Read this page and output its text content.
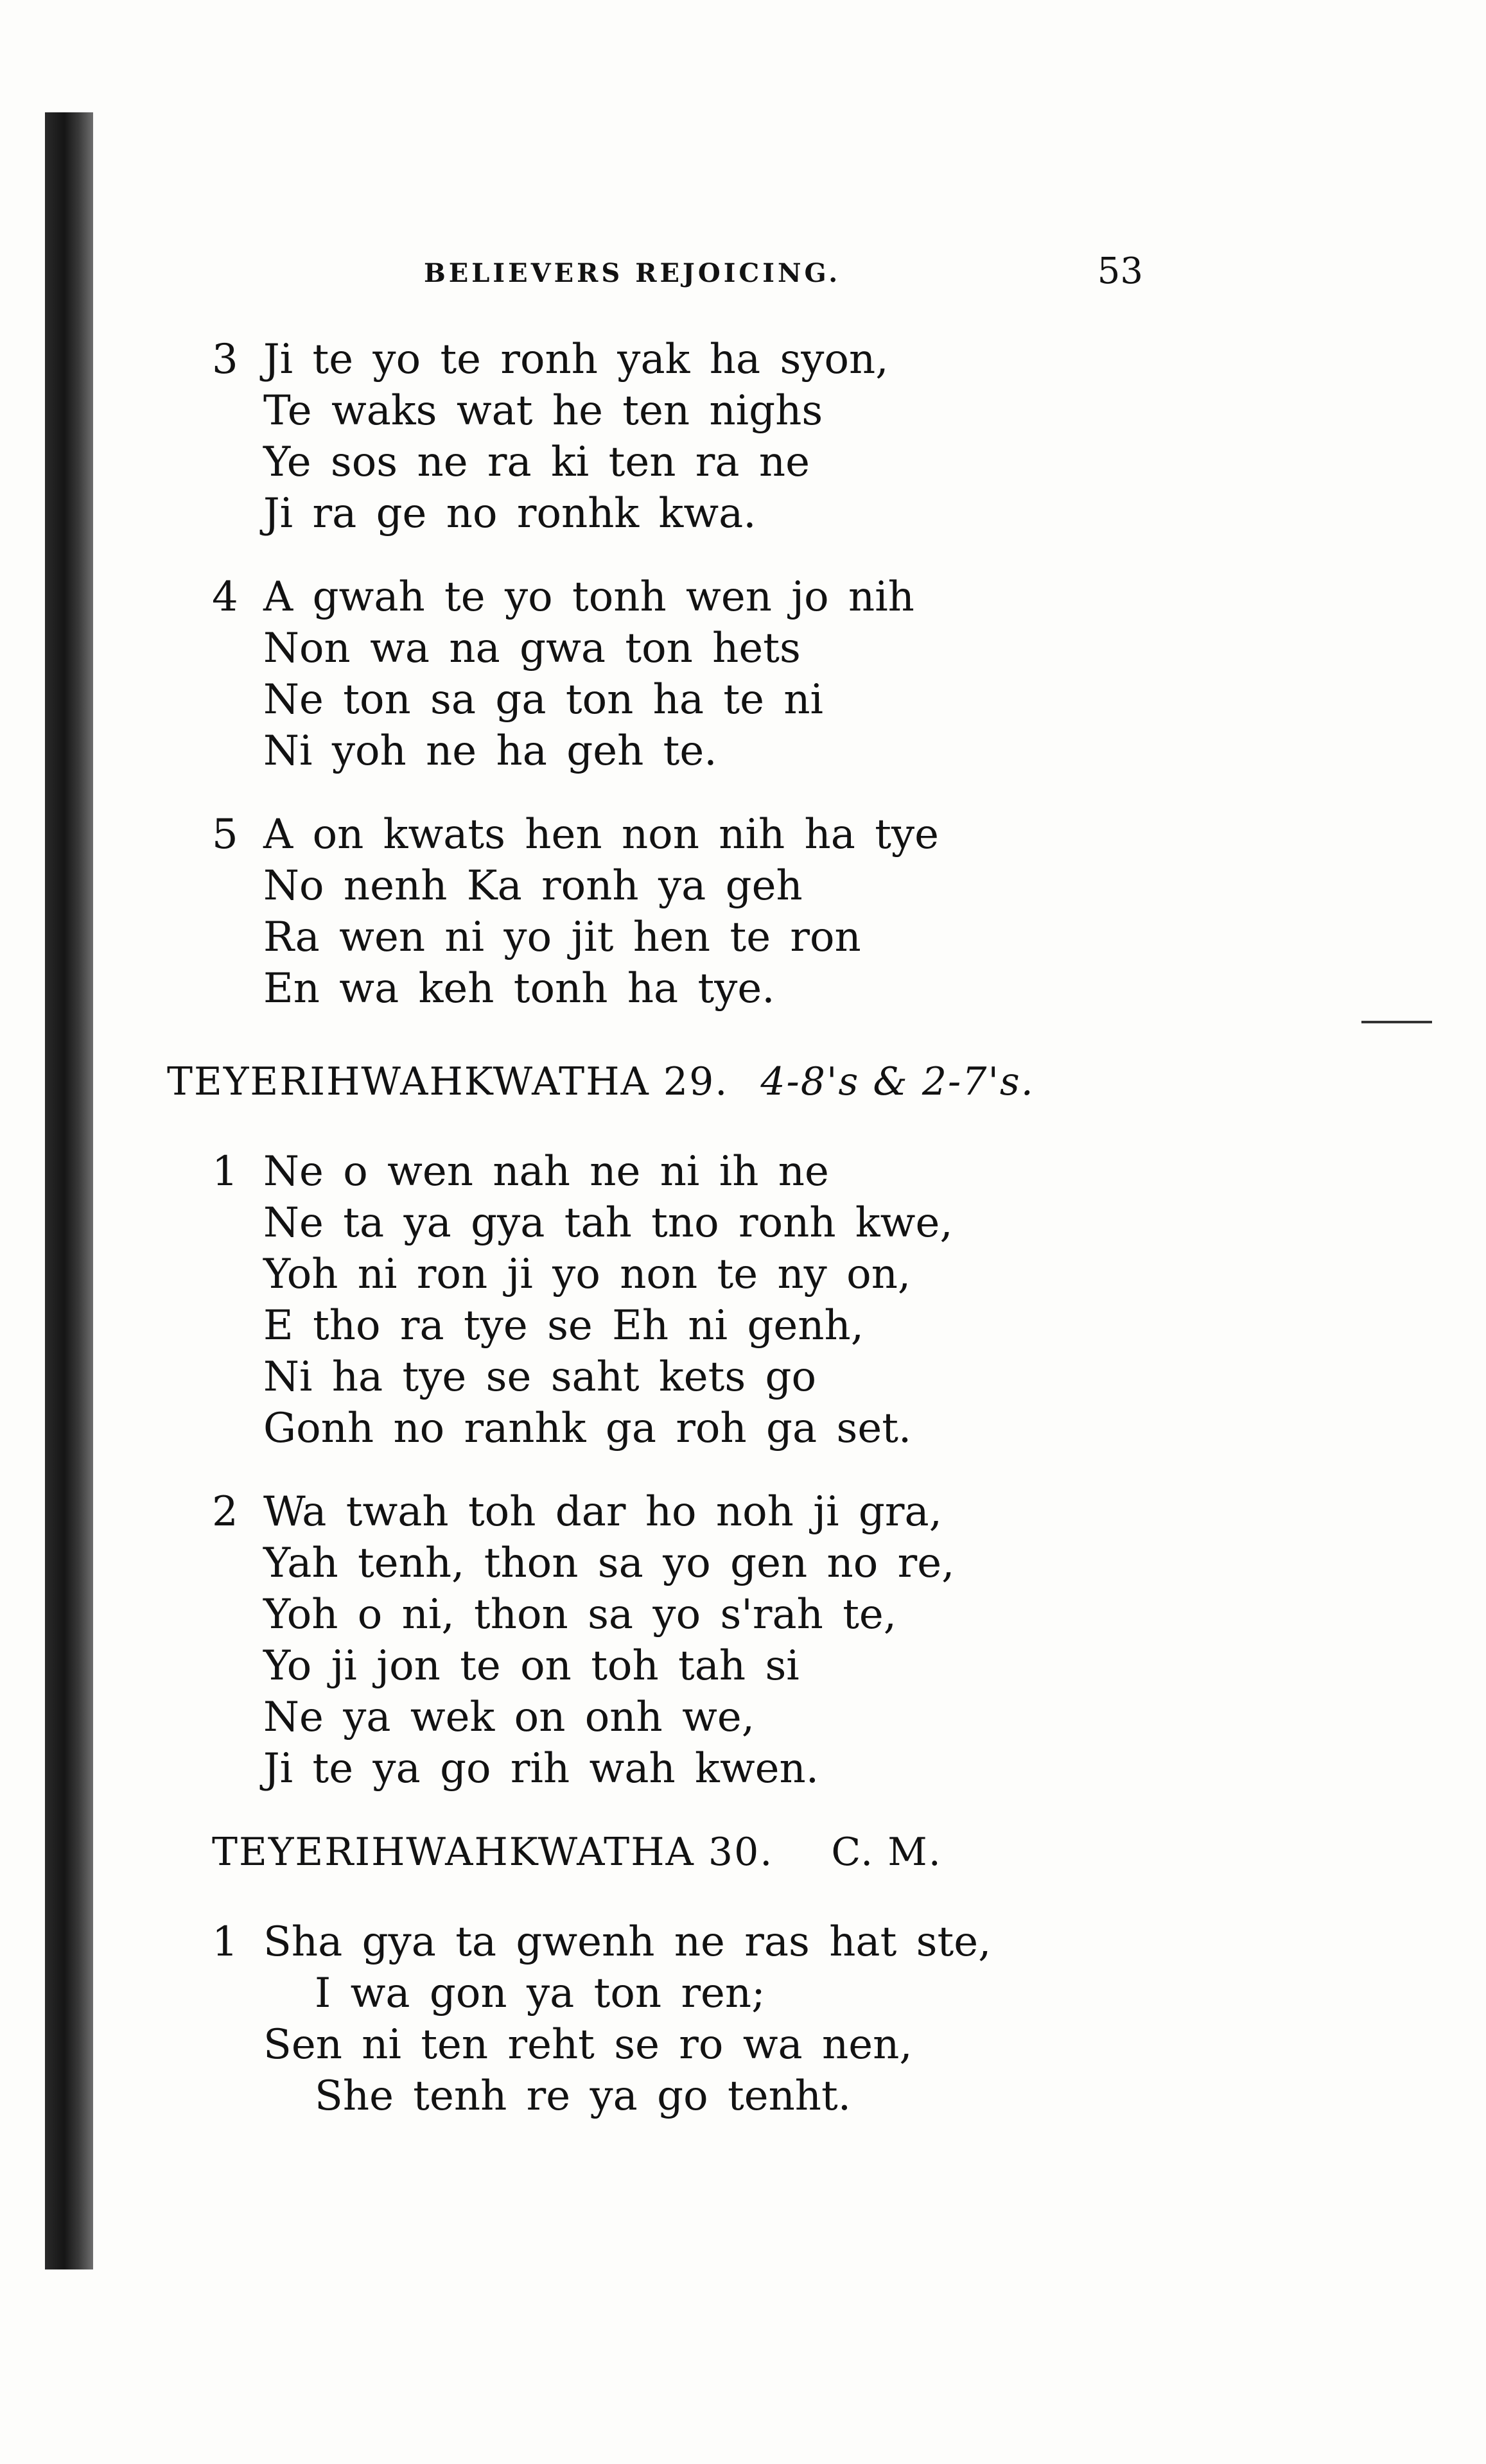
BELIEVERS REJOICING.	53
3 Ji te yo te ronh yak ha syon,
Te waks wat he ten nighs
Ye sos ne ra ki ten ra ne
Ji ra ge no ronhk kwa.
4 A gwah te yo tonh wen jo nih
Non wa na gwa ton hets
Ne ton sa ga ton ha te ni
Ni yoh ne ha geh te.
5 A on kwats hen non nih ha tye
No nenh Ka ronh ya geh
Ra wen ni yo jit hen te ron
En wa keh tonh ha tye.
TEYERIHWAHKWATHA 29. 4-8's & 2-7's.
1 Ne o wen nah ne ni ih ne
Ne ta ya gya tah tno ronh kwe,
Yoh ni ron ji yo non te ny on,
E tho ra tye se Eh ni genh,
Ni ha tye se saht kets go
Gonh no ranhk ga roh ga set.
2 Wa twah toh dar ho noh ji gra,
Yah tenh, thon sa yo gen no re,
Yoh o ni, thon sa yo s'rah te,
Yo ji jon te on toh tah si
Ne ya wek on onh we,
Ji te ya go rih wah kwen.
TEYERIHWAHKWATHA 30. C. M.
1 Sha gya ta gwenh ne ras hat ste,
I wa gon ya ton ren;
Sen ni ten reht se ro wa nen,
She tenh re ya go tenht.
